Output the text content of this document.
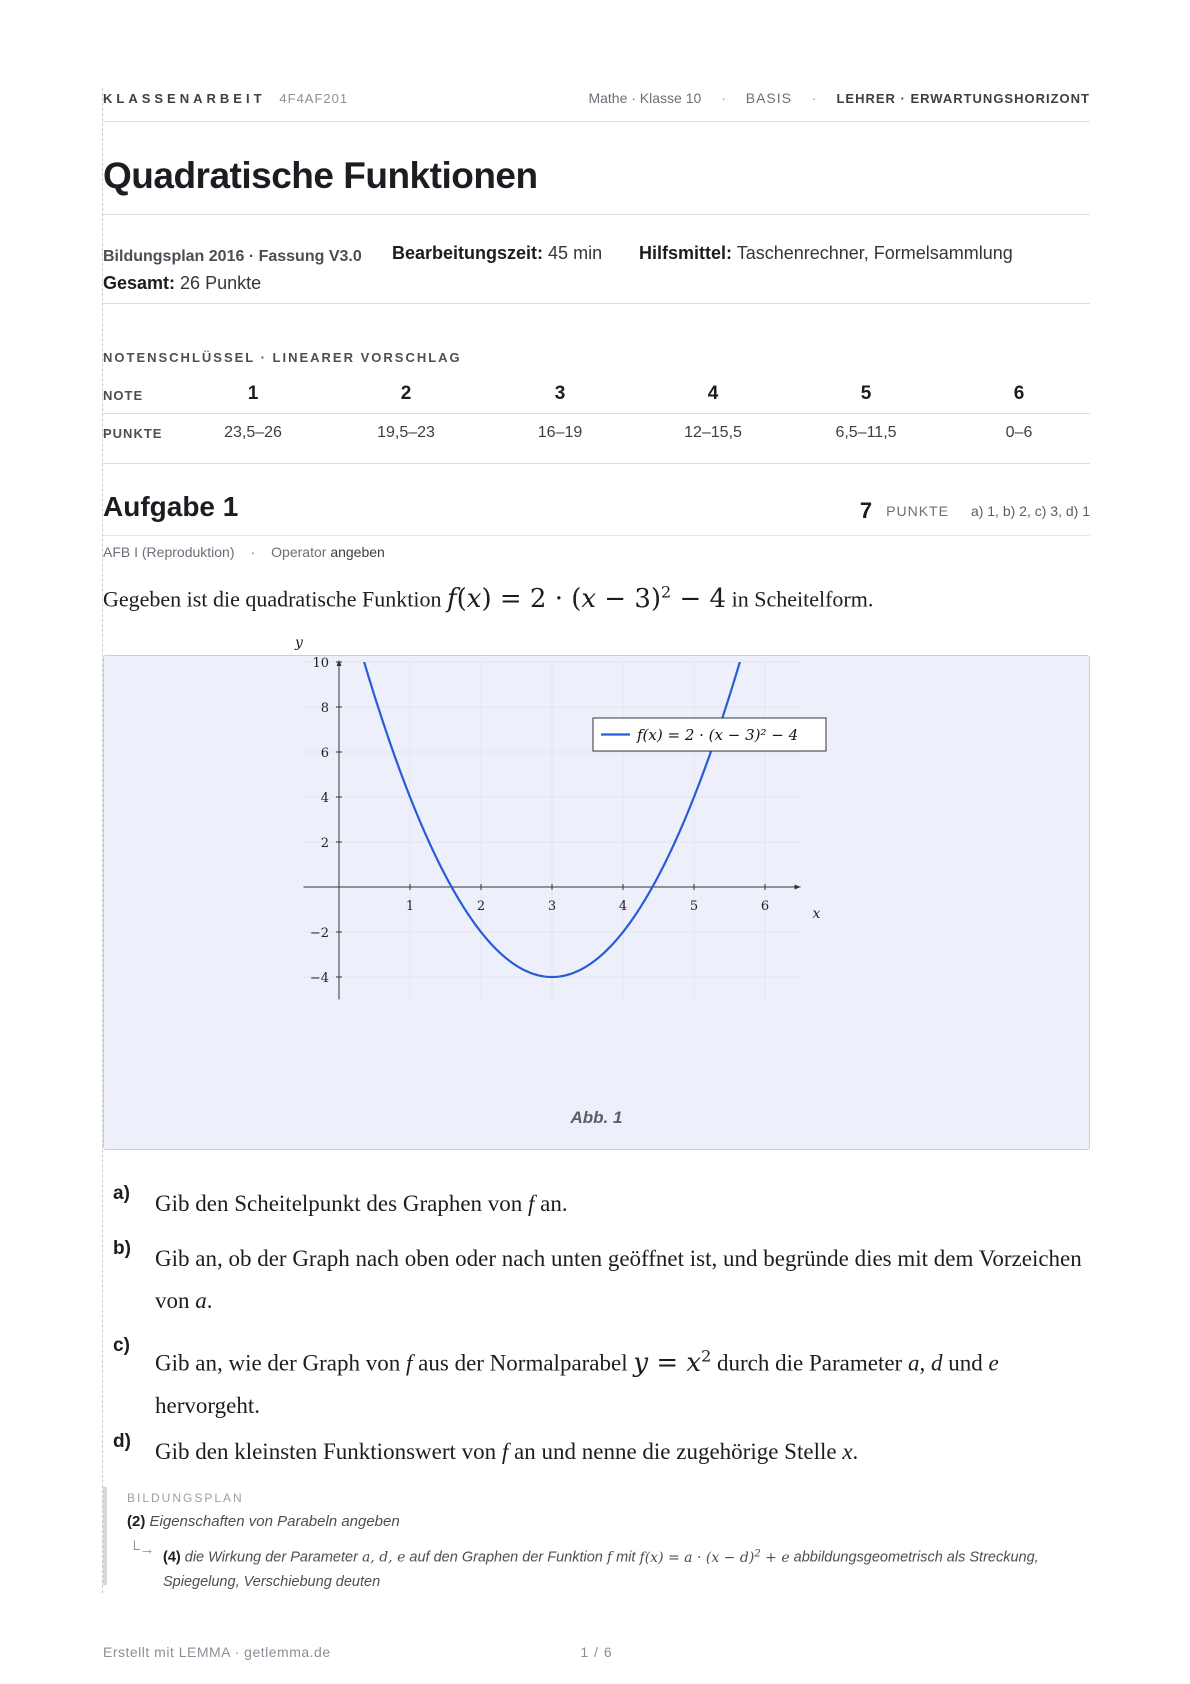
KLASSENARBEIT 4F4AF201	Mathe · Klasse 10 · BASIS · LEHRER · ERWARTUNGSHORIZONT
Quadratische Funktionen
Bildungsplan 2016 · Fassung V3.0 Bearbeitungszeit: 45 min Hilfsmittel: Taschenrechner, Formelsammlung
Gesamt: 26 Punkte
NOTENSCHLÜSSEL · LINEARER VORSCHLAG
NOTE	1	2	3	4	5	6
PUNKTE	23,5–26	19,5–23	16–19	12–15,5	6,5–11,5	0–6
Aufgabe 1	7 PUNKTE a) 1, b) 2, c) 3, d) 1
AFB I (Reproduktion) · Operator angeben
Gegeben ist die quadratische Funktion $f(x) = 2 \cdot (x - 3)^2 - 4$ in Scheitelform.
1	2	3	4	5	6
−4
−2
2
4
6
8
10
x
y
f(x) = 2 · (x − 3)² − 4
Abb. 1
a) Gib den Scheitelpunkt des Graphen von f an.
b) Gib an, ob der Graph nach oben oder nach unten geöffnet ist, und begründe dies mit dem Vorzeichen von a.
c)
Gib an, wie der Graph von f aus der Normalparabel $y = x^2$ durch die Parameter a, d und e hervorgeht.
d) Gib den kleinsten Funktionswert von f an und nenne die zugehörige Stelle x.
BILDUNGSPLAN
(2) Eigenschaften von Parabeln angeben
└→ (4) die Wirkung der Parameter a, d, e auf den Graphen der Funktion f mit $f(x) = a \cdot (x - d)^2 + e$ abbildungsgeometrisch als Streckung, Spiegelung, Verschiebung deuten
Erstellt mit LEMMA · getlemma.de	1 / 6
